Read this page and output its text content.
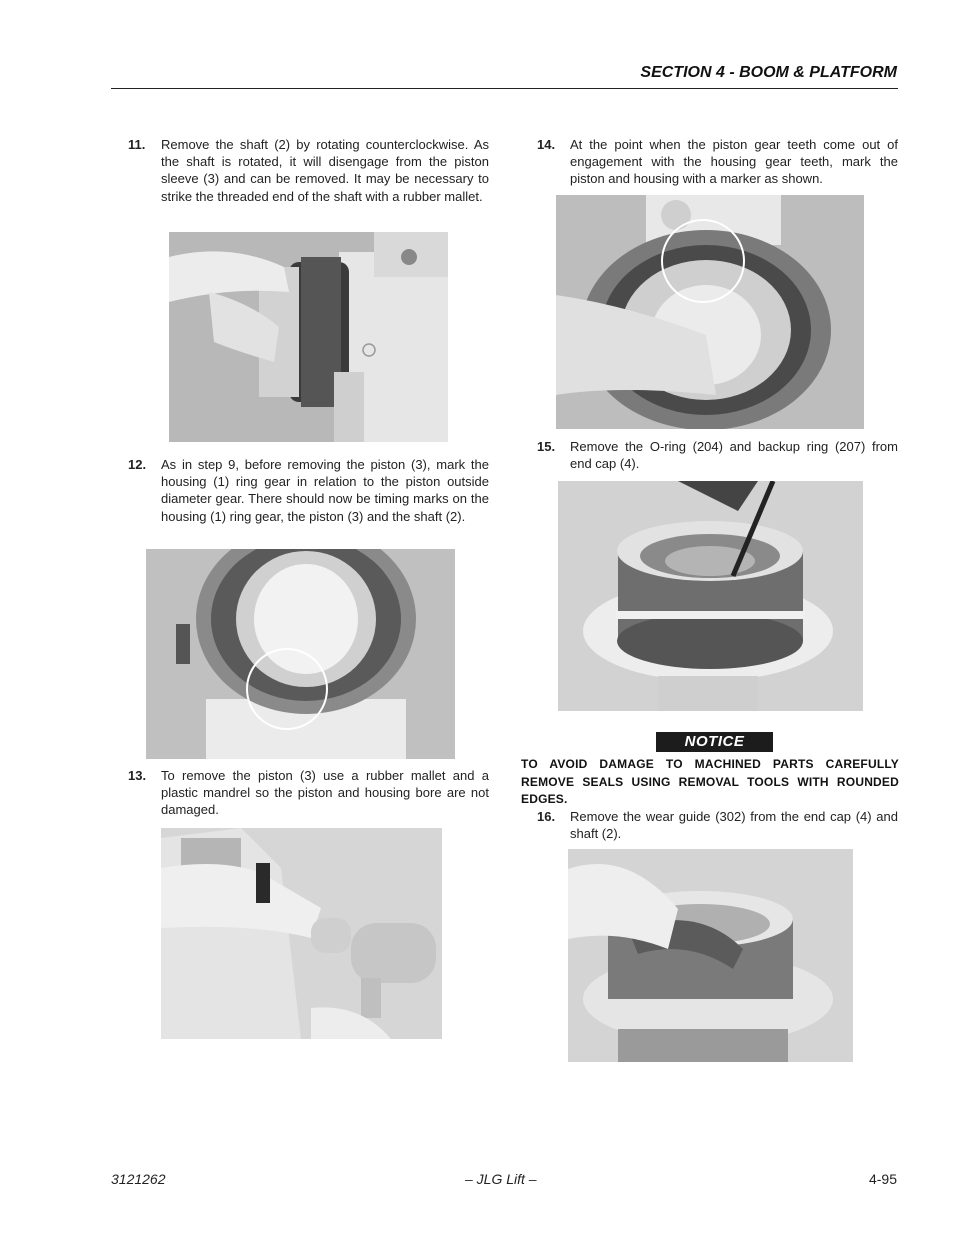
SECTION 4 - BOOM & PLATFORM
11.	Remove the shaft (2) by rotating counterclockwise. As the shaft is rotated, it will disengage from the piston sleeve (3) and can be removed. It may be necessary to strike the threaded end of the shaft with a rubber mallet.
12.	As in step 9, before removing the piston (3), mark the housing (1) ring gear in relation to the piston outside diameter gear. There should now be timing marks on the housing (1) ring gear, the piston (3) and the shaft (2).
13.	To remove the piston (3) use a rubber mallet and a plastic mandrel so the piston and housing bore are not damaged.
14.	At the point when the piston gear teeth come out of engagement with the housing gear teeth, mark the piston and housing with a marker as shown.
15.	Remove the O-ring (204) and backup ring (207) from end cap (4).
NOTICE
TO AVOID DAMAGE TO MACHINED PARTS CAREFULLY REMOVE SEALS USING REMOVAL TOOLS WITH ROUNDED EDGES.
16.	Remove the wear guide (302) from the end cap (4) and shaft (2).
3121262	– JLG Lift –	4-95
